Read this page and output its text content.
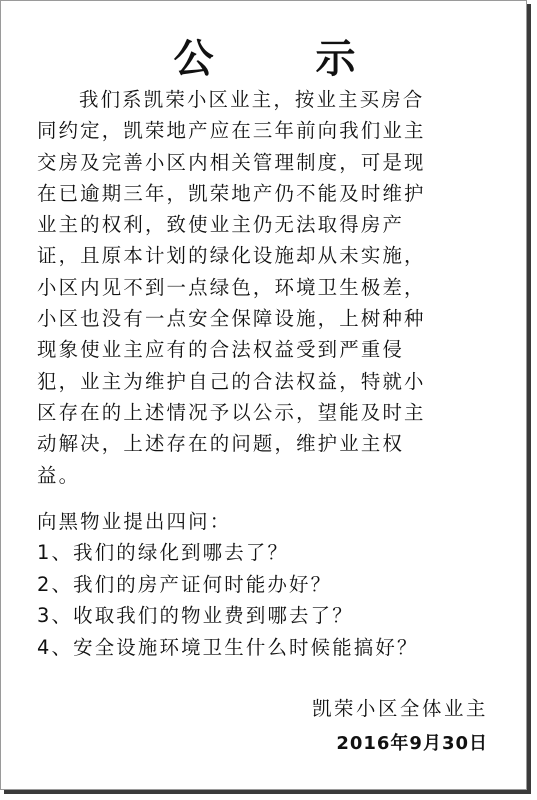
公 示
我们系凯荣小区业主，按业主买房合
同约定，凯荣地产应在三年前向我们业主
交房及完善小区内相关管理制度，可是现
在已逾期三年，凯荣地产仍不能及时维护
业主的权利，致使业主仍无法取得房产
证，且原本计划的绿化设施却从未实施，
小区内见不到一点绿色，环境卫生极差，
小区也没有一点安全保障设施，上树种种
现象使业主应有的合法权益受到严重侵
犯，业主为维护自己的合法权益，特就小
区存在的上述情况予以公示，望能及时主
动解决，上述存在的问题，维护业主权
益。
向黑物业提出四问：
1、我们的绿化到哪去了？
2、我们的房产证何时能办好？
3、收取我们的物业费到哪去了？
4、安全设施环境卫生什么时候能搞好？
凯荣小区全体业主
2016年9月30日
